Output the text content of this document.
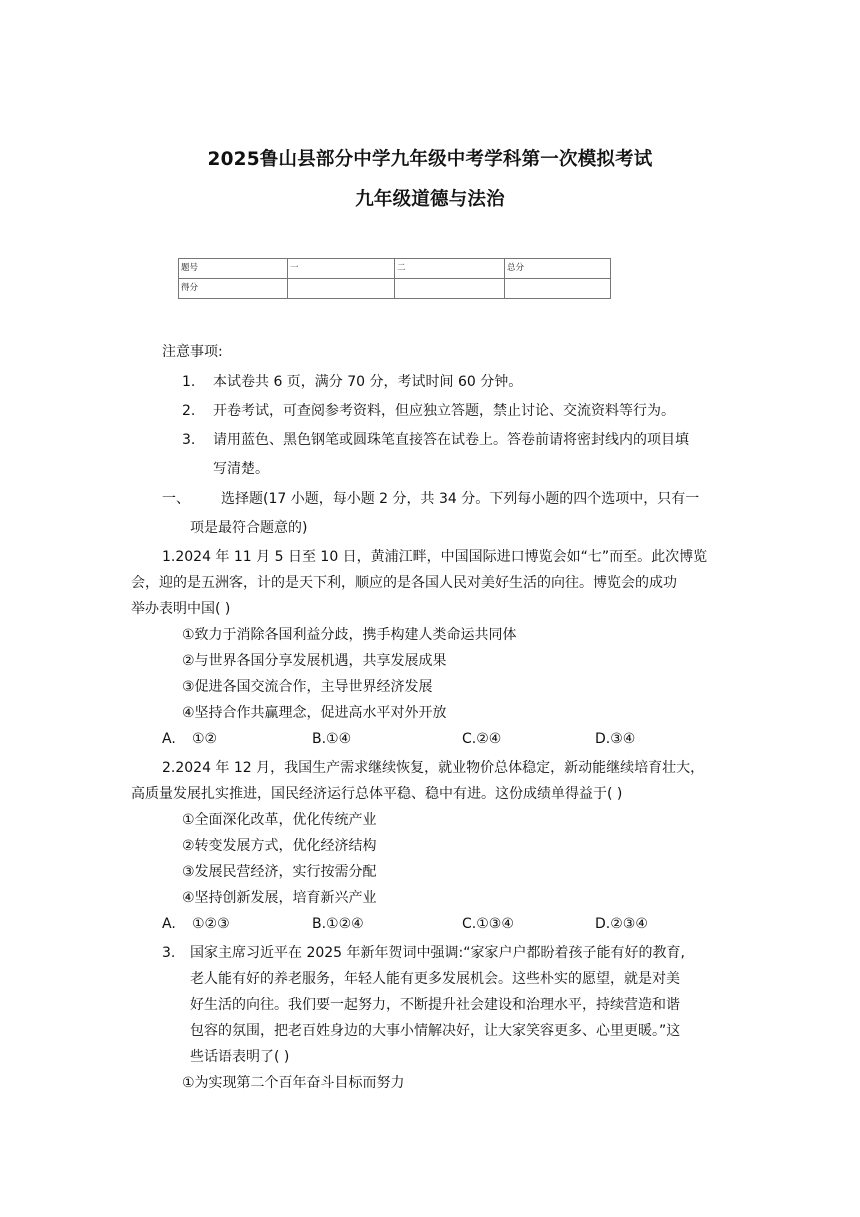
2025鲁山县部分中学九年级中考学科第一次模拟考试
九年级道德与法治
题号	一	二	总分
得分			
注意事项:
1. 本试卷共 6 页，满分 70 分，考试时间 60 分钟。
2. 开卷考试，可查阅参考资料，但应独立答题，禁止讨论、交流资料等行为。
3. 请用蓝色、黑色钢笔或圆珠笔直接答在试卷上。答卷前请将密封线内的项目填
写清楚。
一、 选择题(17 小题，每小题 2 分，共 34 分。下列每小题的四个选项中，只有一
项是最符合题意的)
1.2024 年 11 月 5 日至 10 日，黄浦江畔，中国国际进口博览会如“七”而至。此次博览
会，迎的是五洲客，计的是天下利，顺应的是各国人民对美好生活的向往。博览会的成功
举办表明中国( )
①致力于消除各国利益分歧，携手构建人类命运共同体
②与世界各国分享发展机遇，共享发展成果
③促进各国交流合作，主导世界经济发展
④坚持合作共赢理念，促进高水平对外开放
A. ①②	B.①④	C.②④	D.③④
2.2024 年 12 月，我国生产需求继续恢复，就业物价总体稳定，新动能继续培育壮大，
高质量发展扎实推进，国民经济运行总体平稳、稳中有进。这份成绩单得益于( )
①全面深化改革，优化传统产业
②转变发展方式，优化经济结构
③发展民营经济，实行按需分配
④坚持创新发展，培育新兴产业
A. ①②③	B.①②④	C.①③④	D.②③④
3. 国家主席习近平在 2025 年新年贺词中强调:“家家户户都盼着孩子能有好的教育,
老人能有好的养老服务，年轻人能有更多发展机会。这些朴实的愿望，就是对美
好生活的向往。我们要一起努力，不断提升社会建设和治理水平，持续营造和谐
包容的氛围，把老百姓身边的大事小情解决好，让大家笑容更多、心里更暖。”这
些话语表明了( )
①为实现第二个百年奋斗目标而努力
